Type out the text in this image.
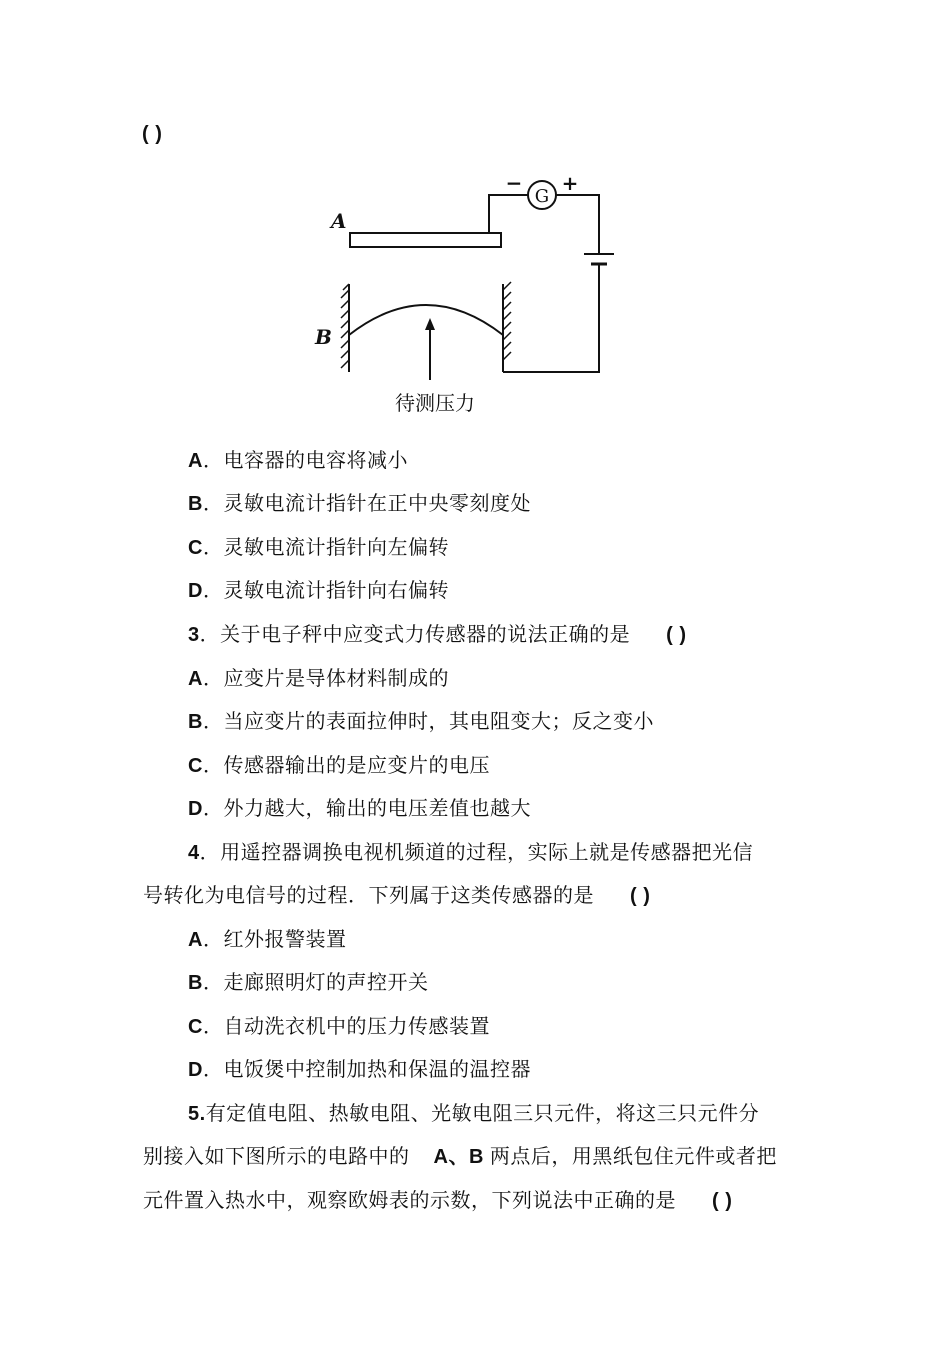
( )
A
G
− +
B
待测压力
A．电容器的电容将减小
B．灵敏电流计指针在正中央零刻度处
C．灵敏电流计指针向左偏转
D．灵敏电流计指针向右偏转
3．关于电子秤中应变式力传感器的说法正确的是 ( )
A．应变片是导体材料制成的
B．当应变片的表面拉伸时，其电阻变大；反之变小
C．传感器输出的是应变片的电压
D．外力越大，输出的电压差值也越大
4．用遥控器调换电视机频道的过程，实际上就是传感器把光信
号转化为电信号的过程．下列属于这类传感器的是 ( )
A．红外报警装置
B．走廊照明灯的声控开关
C．自动洗衣机中的压力传感装置
D．电饭煲中控制加热和保温的温控器
5.有定值电阻、热敏电阻、光敏电阻三只元件，将这三只元件分
别接入如下图所示的电路中的 A、B 两点后，用黑纸包住元件或者把
元件置入热水中，观察欧姆表的示数，下列说法中正确的是 ( )
